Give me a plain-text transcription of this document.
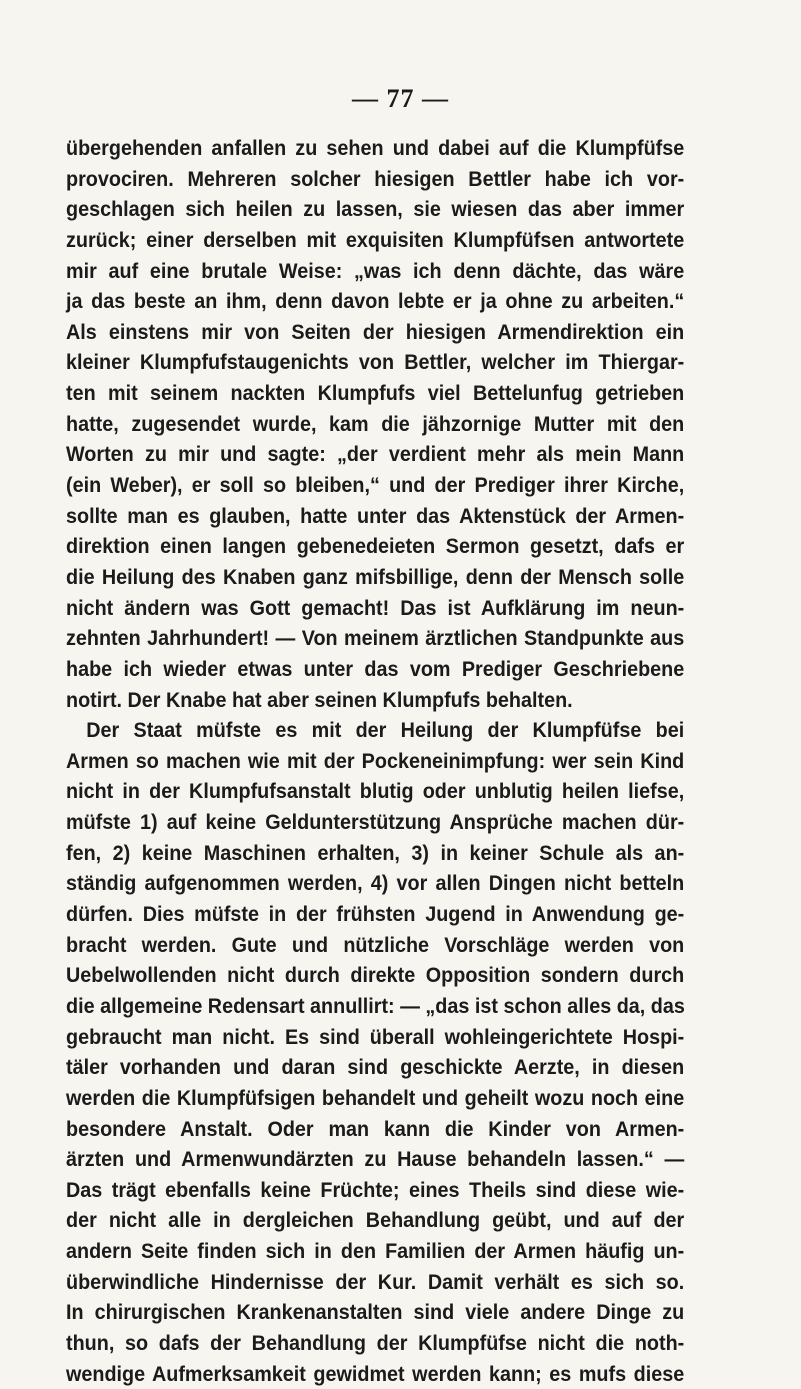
— 77 —
übergehenden anfallen zu sehen und dabei auf die Klumpfüfse
provociren. Mehreren solcher hiesigen Bettler habe ich vor-
geschlagen sich heilen zu lassen, sie wiesen das aber immer
zurück; einer derselben mit exquisiten Klumpfüfsen antwortete
mir auf eine brutale Weise: „was ich denn dächte, das wäre
ja das beste an ihm, denn davon lebte er ja ohne zu arbeiten.“
Als einstens mir von Seiten der hiesigen Armendirektion ein
kleiner Klumpfufstaugenichts von Bettler, welcher im Thiergar-
ten mit seinem nackten Klumpfufs viel Bettelunfug getrieben
hatte, zugesendet wurde, kam die jähzornige Mutter mit den
Worten zu mir und sagte: „der verdient mehr als mein Mann
(ein Weber), er soll so bleiben,“ und der Prediger ihrer Kirche,
sollte man es glauben, hatte unter das Aktenstück der Armen-
direktion einen langen gebenedeieten Sermon gesetzt, dafs er
die Heilung des Knaben ganz mifsbillige, denn der Mensch solle
nicht ändern was Gott gemacht! Das ist Aufklärung im neun-
zehnten Jahrhundert! — Von meinem ärztlichen Standpunkte aus
habe ich wieder etwas unter das vom Prediger Geschriebene
notirt. Der Knabe hat aber seinen Klumpfufs behalten.
Der Staat müfste es mit der Heilung der Klumpfüfse bei
Armen so machen wie mit der Pockeneinimpfung: wer sein Kind
nicht in der Klumpfufsanstalt blutig oder unblutig heilen liefse,
müfste 1) auf keine Geldunterstützung Ansprüche machen dür-
fen, 2) keine Maschinen erhalten, 3) in keiner Schule als an-
ständig aufgenommen werden, 4) vor allen Dingen nicht betteln
dürfen. Dies müfste in der frühsten Jugend in Anwendung ge-
bracht werden. Gute und nützliche Vorschläge werden von
Uebelwollenden nicht durch direkte Opposition sondern durch
die allgemeine Redensart annullirt: — „das ist schon alles da, das
gebraucht man nicht. Es sind überall wohleingerichtete Hospi-
täler vorhanden und daran sind geschickte Aerzte, in diesen
werden die Klumpfüfsigen behandelt und geheilt wozu noch eine
besondere Anstalt. Oder man kann die Kinder von Armen-
ärzten und Armenwundärzten zu Hause behandeln lassen.“ —
Das trägt ebenfalls keine Früchte; eines Theils sind diese wie-
der nicht alle in dergleichen Behandlung geübt, und auf der
andern Seite finden sich in den Familien der Armen häufig un-
überwindliche Hindernisse der Kur. Damit verhält es sich so.
In chirurgischen Krankenanstalten sind viele andere Dinge zu
thun, so dafs der Behandlung der Klumpfüfse nicht die noth-
wendige Aufmerksamkeit gewidmet werden kann; es mufs diese
